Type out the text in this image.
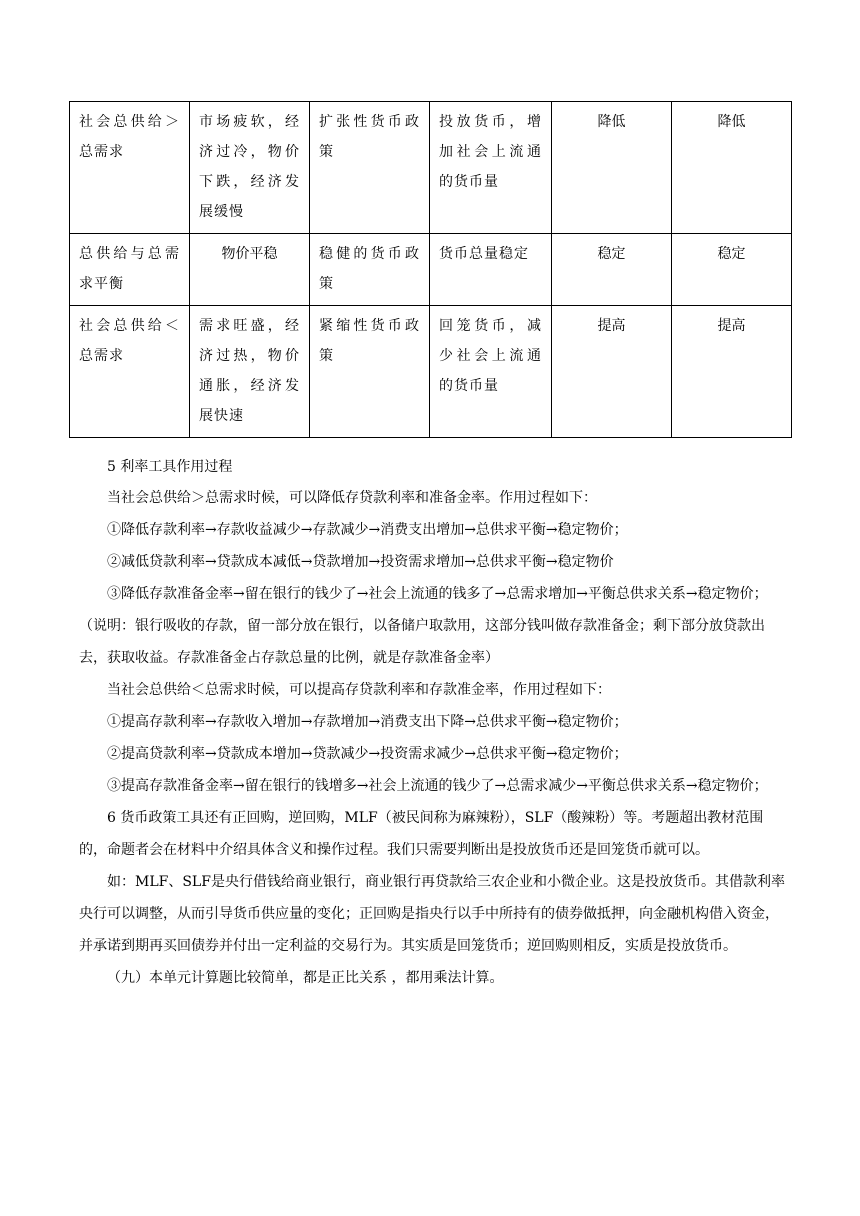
社会总供给＞总需求	市场疲软，经济过冷，物价下跌，经济发展缓慢	扩张性货币政策	投放货币，增加社会上流通的货币量	降低	降低
总供给与总需求平衡	物价平稳	稳健的货币政策	货币总量稳定	稳定	稳定
社会总供给＜总需求	需求旺盛，经济过热，物价通胀，经济发展快速	紧缩性货币政策	回笼货币，减少社会上流通的货币量	提高	提高

5 利率工具作用过程

当社会总供给＞总需求时候，可以降低存贷款利率和准备金率。作用过程如下：

①降低存款利率→存款收益减少→存款减少→消费支出增加→总供求平衡→稳定物价；

②减低贷款利率→贷款成本减低→贷款增加→投资需求增加→总供求平衡→稳定物价

③降低存款准备金率→留在银行的钱少了→社会上流通的钱多了→总需求增加→平衡总供求关系→稳定物价；（说明：银行吸收的存款，留一部分放在银行，以备储户取款用，这部分钱叫做存款准备金；剩下部分放贷款出去，获取收益。存款准备金占存款总量的比例，就是存款准备金率）

当社会总供给＜总需求时候，可以提高存贷款利率和存款准金率，作用过程如下：

①提高存款利率→存款收入增加→存款增加→消费支出下降→总供求平衡→稳定物价；

②提高贷款利率→贷款成本增加→贷款减少→投资需求减少→总供求平衡→稳定物价；

③提高存款准备金率→留在银行的钱增多→社会上流通的钱少了→总需求减少→平衡总供求关系→稳定物价；

6 货币政策工具还有正回购，逆回购，MLF（被民间称为麻辣粉），SLF（酸辣粉）等。考题超出教材范围的，命题者会在材料中介绍具体含义和操作过程。我们只需要判断出是投放货币还是回笼货币就可以。

如：MLF、SLF是央行借钱给商业银行，商业银行再贷款给三农企业和小微企业。这是投放货币。其借款利率央行可以调整，从而引导货币供应量的变化；正回购是指央行以手中所持有的债券做抵押，向金融机构借入资金，并承诺到期再买回债券并付出一定利益的交易行为。其实质是回笼货币；逆回购则相反，实质是投放货币。

（九）本单元计算题比较简单，都是正比关系 ，都用乘法计算。
